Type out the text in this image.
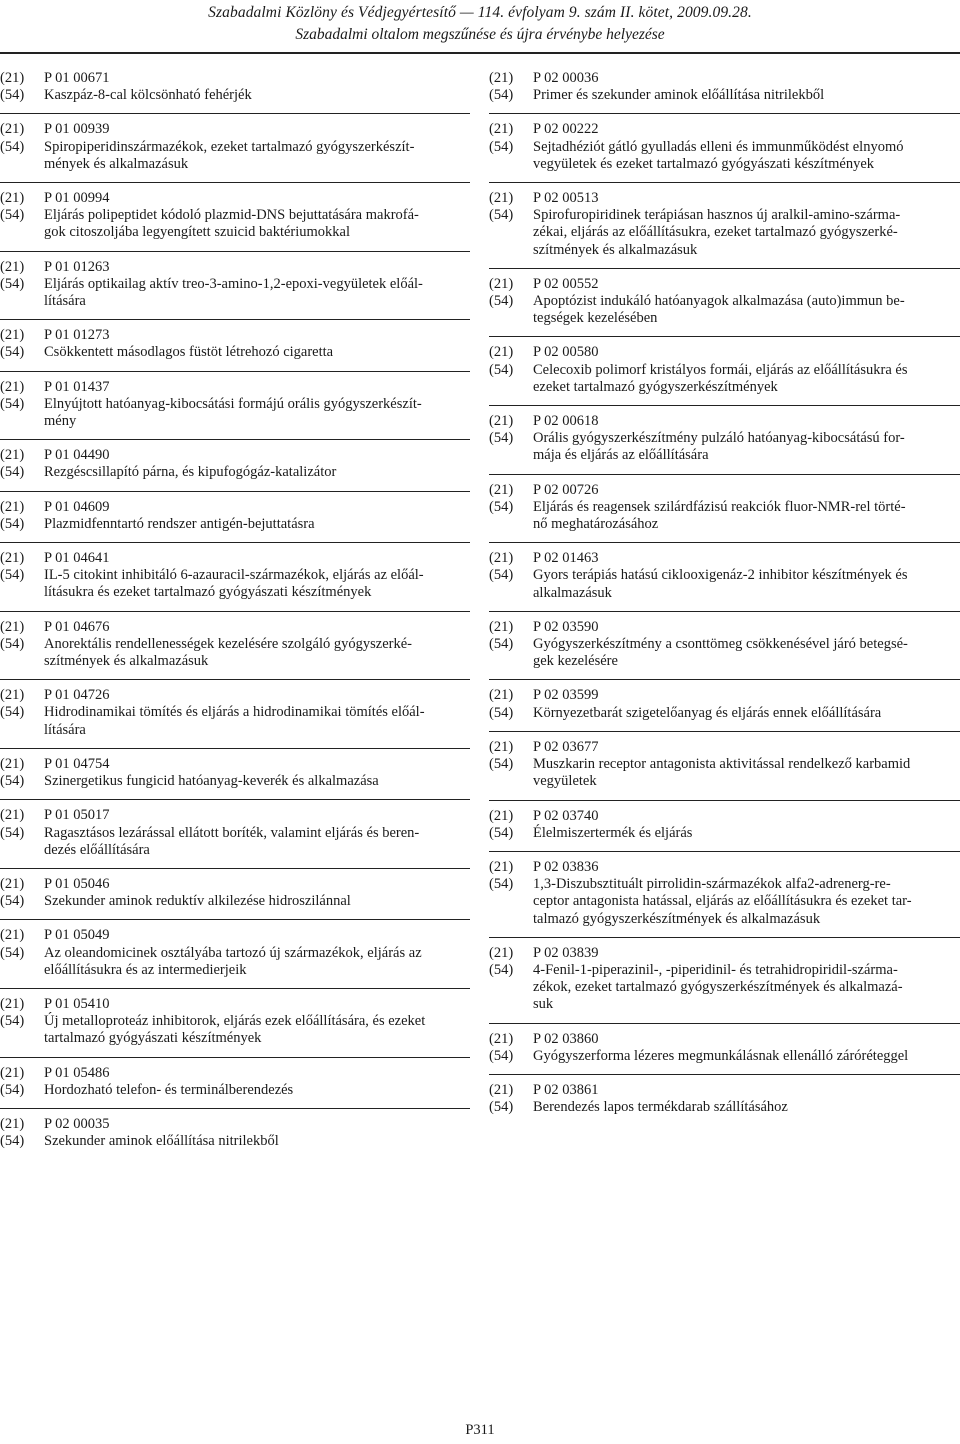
Szabadalmi Közlöny és Védjegyértesítő — 114. évfolyam 9. szám II. kötet, 2009.09.28.
Szabadalmi oltalom megszűnése és újra érvénybe helyezése
(21)	P 01 00671
(54)	Kaszpáz-8-cal kölcsönható fehérjék
(21)	P 01 00939
(54)	Spiropiperidinszármazékok, ezeket tartalmazó gyógyszerkészít-
mények és alkalmazásuk
(21)	P 01 00994
(54)	Eljárás polipeptidet kódoló plazmid-DNS bejuttatására makrofá-
gok citoszoljába legyengített szuicid baktériumokkal
(21)	P 01 01263
(54)	Eljárás optikailag aktív treo-3-amino-1,2-epoxi-vegyületek előál-
lítására
(21)	P 01 01273
(54)	Csökkentett másodlagos füstöt létrehozó cigaretta
(21)	P 01 01437
(54)	Elnyújtott hatóanyag-kibocsátási formájú orális gyógyszerkészít-
mény
(21)	P 01 04490
(54)	Rezgéscsillapító párna, és kipufogógáz-katalizátor
(21)	P 01 04609
(54)	Plazmidfenntartó rendszer antigén-bejuttatásra
(21)	P 01 04641
(54)	IL-5 citokint inhibitáló 6-azauracil-származékok, eljárás az előál-
lításukra és ezeket tartalmazó gyógyászati készítmények
(21)	P 01 04676
(54)	Anorektális rendellenességek kezelésére szolgáló gyógyszerké-
szítmények és alkalmazásuk
(21)	P 01 04726
(54)	Hidrodinamikai tömítés és eljárás a hidrodinamikai tömítés előál-
lítására
(21)	P 01 04754
(54)	Szinergetikus fungicid hatóanyag-keverék és alkalmazása
(21)	P 01 05017
(54)	Ragasztásos lezárással ellátott boríték, valamint eljárás és beren-
dezés előállítására
(21)	P 01 05046
(54)	Szekunder aminok reduktív alkilezése hidroszilánnal
(21)	P 01 05049
(54)	Az oleandomicinek osztályába tartozó új származékok, eljárás az
előállításukra és az intermedierjeik
(21)	P 01 05410
(54)	Új metalloproteáz inhibitorok, eljárás ezek előállítására, és ezeket
tartalmazó gyógyászati készítmények
(21)	P 01 05486
(54)	Hordozható telefon- és terminálberendezés
(21)	P 02 00035
(54)	Szekunder aminok előállítása nitrilekből
(21)	P 02 00036
(54)	Primer és szekunder aminok előállítása nitrilekből
(21)	P 02 00222
(54)	Sejtadhéziót gátló gyulladás elleni és immunműködést elnyomó
vegyületek és ezeket tartalmazó gyógyászati készítmények
(21)	P 02 00513
(54)	Spirofuropiridinek terápiásan hasznos új aralkil-amino-szárma-
zékai, eljárás az előállításukra, ezeket tartalmazó gyógyszerké-
szítmények és alkalmazásuk
(21)	P 02 00552
(54)	Apoptózist indukáló hatóanyagok alkalmazása (auto)immun be-
tegségek kezelésében
(21)	P 02 00580
(54)	Celecoxib polimorf kristályos formái, eljárás az előállításukra és
ezeket tartalmazó gyógyszerkészítmények
(21)	P 02 00618
(54)	Orális gyógyszerkészítmény pulzáló hatóanyag-kibocsátású for-
mája és eljárás az előállítására
(21)	P 02 00726
(54)	Eljárás és reagensek szilárdfázisú reakciók fluor-NMR-rel törté-
nő meghatározásához
(21)	P 02 01463
(54)	Gyors terápiás hatású ciklooxigenáz-2 inhibitor készítmények és
alkalmazásuk
(21)	P 02 03590
(54)	Gyógyszerkészítmény a csonttömeg csökkenésével járó betegsé-
gek kezelésére
(21)	P 02 03599
(54)	Környezetbarát szigetelőanyag és eljárás ennek előállítására
(21)	P 02 03677
(54)	Muszkarin receptor antagonista aktivitással rendelkező karbamid
vegyületek
(21)	P 02 03740
(54)	Élelmiszertermék és eljárás
(21)	P 02 03836
(54)	1,3-Diszubsztituált pirrolidin-származékok alfa2-adrenerg-re-
ceptor antagonista hatással, eljárás az előállításukra és ezeket tar-
talmazó gyógyszerkészítmények és alkalmazásuk
(21)	P 02 03839
(54)	4-Fenil-1-piperazinil-, -piperidinil- és tetrahidropiridil-szárma-
zékok, ezeket tartalmazó gyógyszerkészítmények és alkalmazá-
suk
(21)	P 02 03860
(54)	Gyógyszerforma lézeres megmunkálásnak ellenálló záróréteggel
(21)	P 02 03861
(54)	Berendezés lapos termékdarab szállításához
P311
